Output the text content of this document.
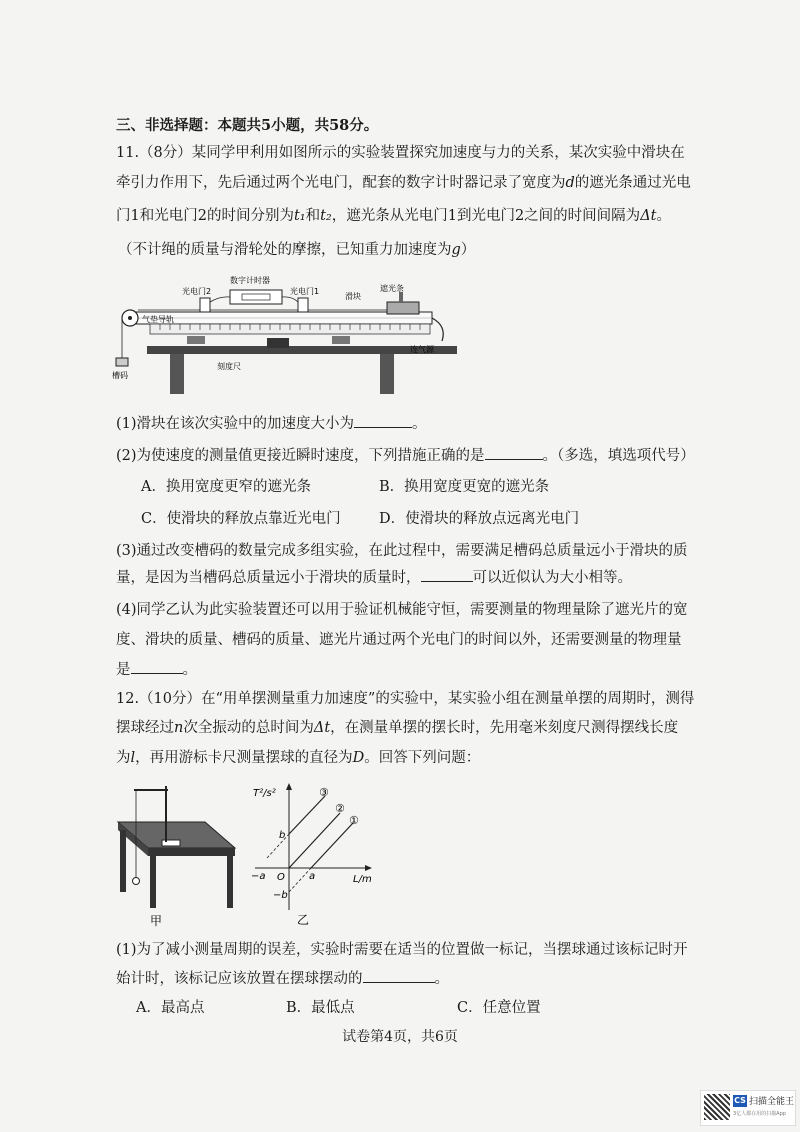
三、非选择题：本题共5小题，共58分。
11.（8分）某同学甲利用如图所示的实验装置探究加速度与力的关系，某次实验中滑块在
牵引力作用下，先后通过两个光电门，配套的数字计时器记录了宽度为d的遮光条通过光电
门1和光电门2的时间分别为t₁和t₂，遮光条从光电门1到光电门2之间的时间间隔为Δt。
（不计绳的质量与滑轮处的摩擦，已知重力加速度为g）
数字计时器
光电门2	光电门1
滑块
遮光条
气垫导轨
连气源
刻度尺
槽码
(1)滑块在该次实验中的加速度大小为	。
(2)为使速度的测量值更接近瞬时速度，下列措施正确的是	。（多选，填选项代号）
A．换用宽度更窄的遮光条	B．换用宽度更宽的遮光条
C．使滑块的释放点靠近光电门	D．使滑块的释放点远离光电门
(3)通过改变槽码的数量完成多组实验，在此过程中，需要满足槽码总质量远小于滑块的质
量，是因为当槽码总质量远小于滑块的质量时，	可以近似认为大小相等。
(4)同学乙认为此实验装置还可以用于验证机械能守恒，需要测量的物理量除了遮光片的宽
度、滑块的质量、槽码的质量、遮光片通过两个光电门的时间以外，还需要测量的物理量
是	。
12.（10分）在“用单摆测量重力加速度”的实验中，某实验小组在测量单摆的周期时，测得
摆球经过n次全振动的总时间为Δt，在测量单摆的摆长时，先用毫米刻度尺测得摆线长度
为l，再用游标卡尺测量摆球的直径为D。回答下列问题：
甲
T²/s²
L/m
O
b
−b
a
−a
③
②
①
乙
(1)为了减小测量周期的误差，实验时需要在适当的位置做一标记，当摆球通过该标记时开
始计时，该标记应该放置在摆球摆动的	。
A．最高点	B．最低点	C．任意位置
试卷第4页，共6页
CS 扫描全能王
3亿人都在用的扫描App
